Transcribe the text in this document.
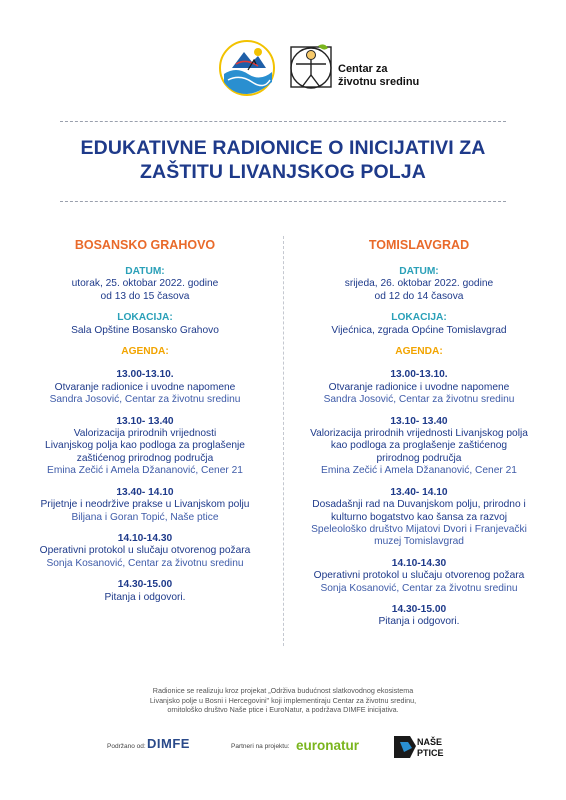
Centar za
životnu sredinu
EDUKATIVNE RADIONICE O INICIJATIVI ZA
ZAŠTITU LIVANJSKOG POLJA
BOSANSKO GRAHOVO
DATUM:
utorak, 25. oktobar 2022. godine
od 13 do 15 časova
LOKACIJA:
Sala Opštine Bosansko Grahovo
AGENDA:
13.00-13.10.
Otvaranje radionice i uvodne napomene
Sandra Josović, Centar za životnu sredinu
13.10- 13.40
Valorizacija prirodnih vrijednosti
Livanjskog polja kao podloga za proglašenje
zaštićenog prirodnog područja
Emina Zečić i Amela Džananović, Cener 21
13.40- 14.10
Prijetnje i neodržive prakse u Livanjskom polju
Biljana i Goran Topić, Naše ptice
14.10-14.30
Operativni protokol u slučaju otvorenog požara
Sonja Kosanović, Centar za životnu sredinu
14.30-15.00
Pitanja i odgovori.
TOMISLAVGRAD
DATUM:
srijeda, 26. oktobar 2022. godine
od 12 do 14 časova
LOKACIJA:
Vijećnica, zgrada Općine Tomislavgrad
AGENDA:
13.00-13.10.
Otvaranje radionice i uvodne napomene
Sandra Josović, Centar za životnu sredinu
13.10- 13.40
Valorizacija prirodnih vrijednosti Livanjskog polja
kao podloga za proglašenje zaštićenog
prirodnog područja
Emina Zečić i Amela Džananović, Cener 21
13.40- 14.10
Dosadašnji rad na Duvanjskom polju, prirodno i
kulturno bogatstvo kao šansa za razvoj
Speleološko društvo Mijatovi Dvori i Franjevački
muzej Tomislavgrad
14.10-14.30
Operativni protokol u slučaju otvorenog požara
Sonja Kosanović, Centar za životnu sredinu
14.30-15.00
Pitanja i odgovori.
Radionice se realizuju kroz projekat „Održiva budućnost slatkovodnog ekosistema
Livanjsko polje u Bosni i Hercegovini" koji implementiraju Centar za životnu sredinu,
ornitološko društvo Naše ptice i EuroNatur, a podržava DIMFE inicijativa.
Podržano od: DIMFE	Partneri na projektu: euronatur	NAŠE
PTICE
